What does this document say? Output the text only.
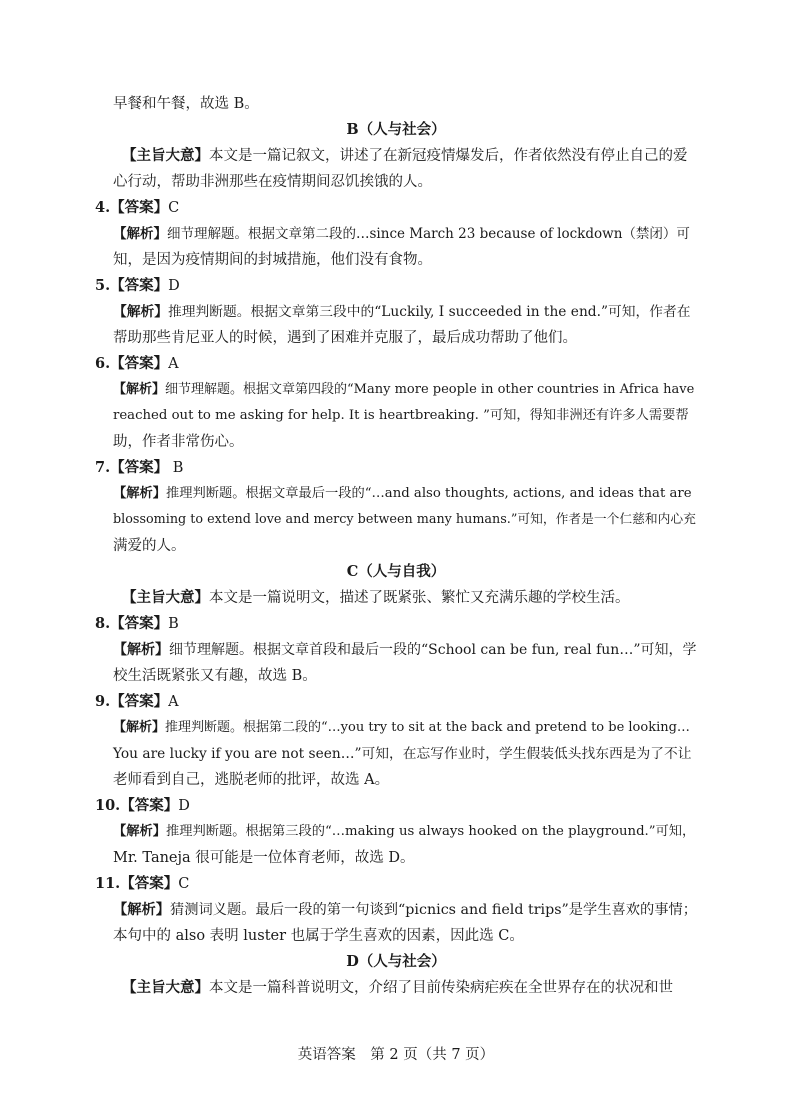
早餐和午餐，故选 B。
B（人与社会）
【主旨大意】本文是一篇记叙文，讲述了在新冠疫情爆发后，作者依然没有停止自己的爱
心行动，帮助非洲那些在疫情期间忍饥挨饿的人。
4.【答案】C
【解析】细节理解题。根据文章第二段的…since March 23 because of lockdown（禁闭）可
知，是因为疫情期间的封城措施，他们没有食物。
5.【答案】D
【解析】推理判断题。根据文章第三段中的“Luckily, I succeeded in the end.”可知，作者在
帮助那些肯尼亚人的时候，遇到了困难并克服了，最后成功帮助了他们。
6.【答案】A
【解析】细节理解题。根据文章第四段的“Many more people in other countries in Africa have
reached out to me asking for help. It is heartbreaking. ”可知，得知非洲还有许多人需要帮
助，作者非常伤心。
7.【答案】 B
【解析】推理判断题。根据文章最后一段的“…and also thoughts, actions, and ideas that are
blossoming to extend love and mercy between many humans.”可知，作者是一个仁慈和内心充
满爱的人。
C（人与自我）
【主旨大意】本文是一篇说明文，描述了既紧张、繁忙又充满乐趣的学校生活。
8.【答案】B
【解析】细节理解题。根据文章首段和最后一段的“School can be fun, real fun…”可知，学
校生活既紧张又有趣，故选 B。
9.【答案】A
【解析】推理判断题。根据第二段的“…you try to sit at the back and pretend to be looking…
You are lucky if you are not seen…”可知，在忘写作业时，学生假装低头找东西是为了不让
老师看到自己，逃脱老师的批评，故选 A。
10.【答案】D
【解析】推理判断题。根据第三段的“…making us always hooked on the playground.”可知，
Mr. Taneja 很可能是一位体育老师，故选 D。
11.【答案】C
【解析】猜测词义题。最后一段的第一句谈到“picnics and field trips”是学生喜欢的事情；
本句中的 also 表明 luster 也属于学生喜欢的因素，因此选 C。
D（人与社会）
【主旨大意】本文是一篇科普说明文，介绍了目前传染病疟疾在全世界存在的状况和世
英语答案　第 2 页（共 7 页）
